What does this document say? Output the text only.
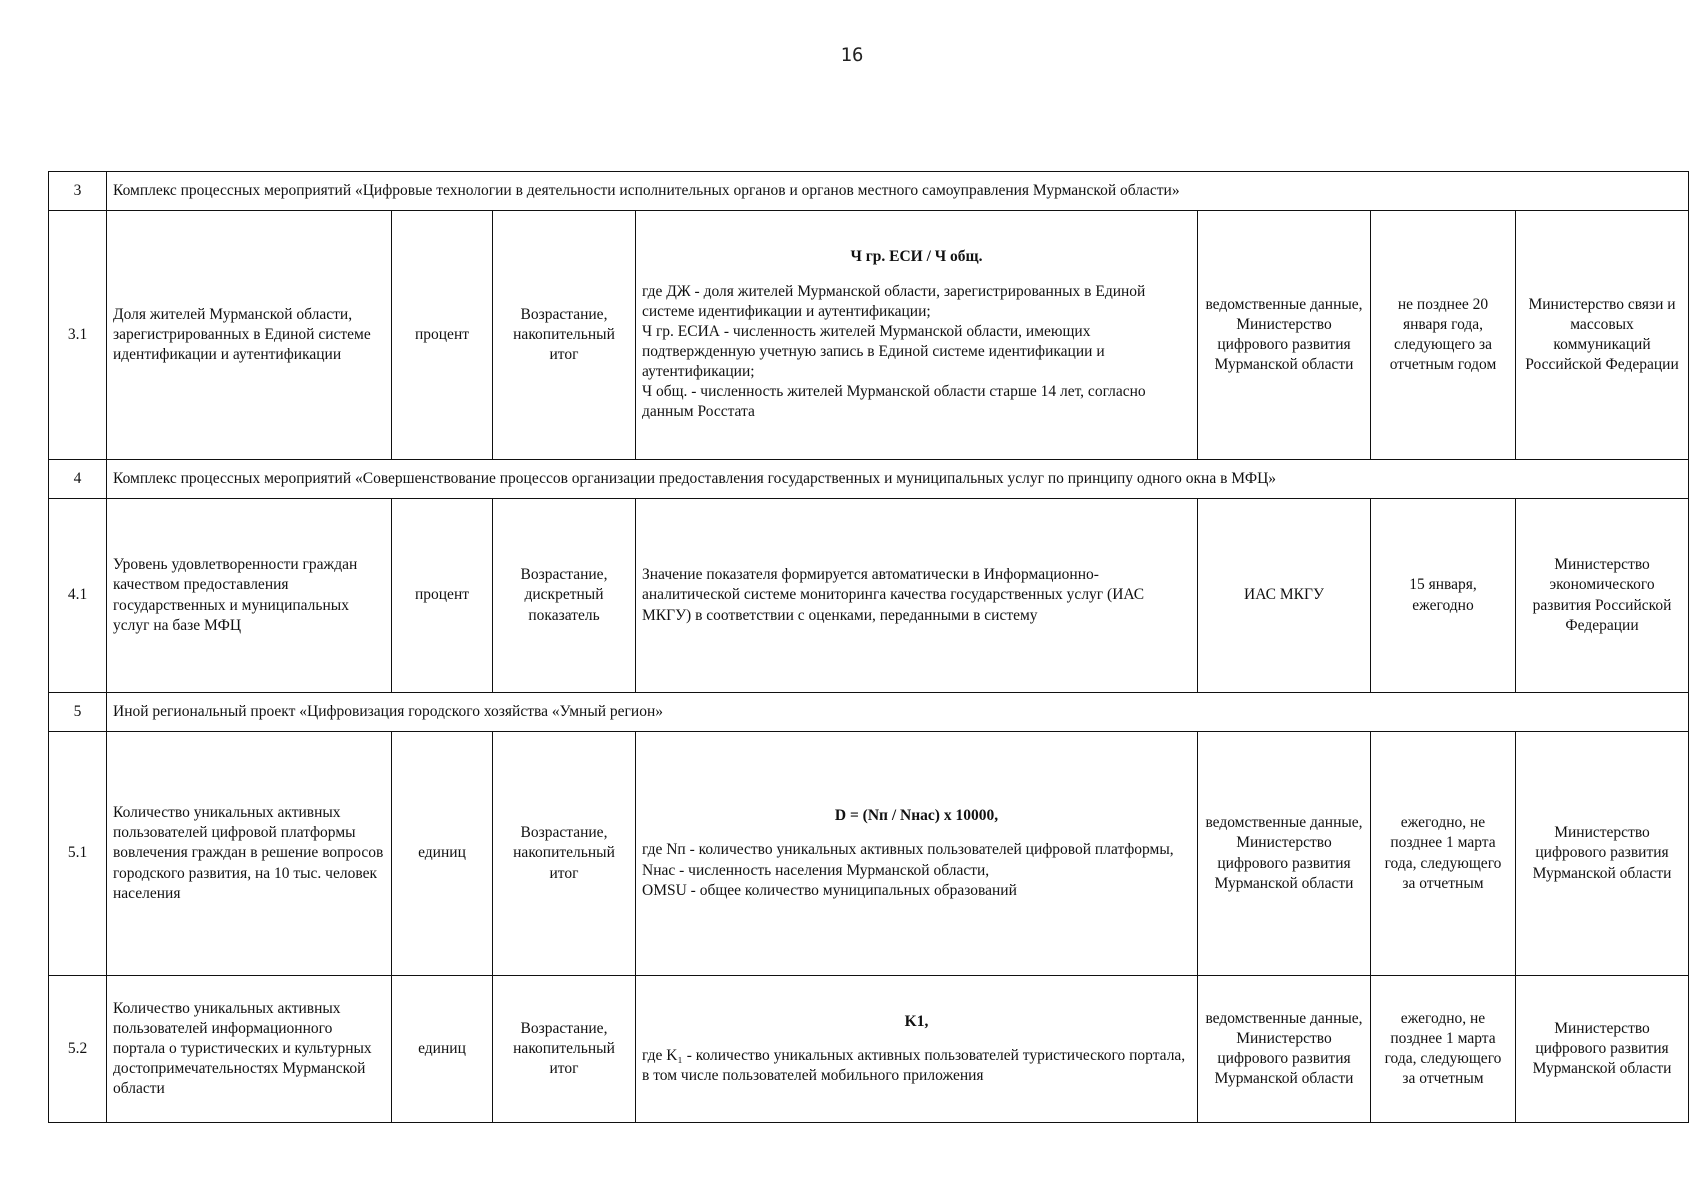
16
3	Комплекс процессных мероприятий «Цифровые технологии в деятельности исполнительных органов и органов местного самоуправления Мурманской области»						
3.1	Доля жителей Мурманской области, зарегистрированных в Единой системе идентификации и аутентификации	процент	Возрастание, накопительный итог	Ч гр. ЕСИ / Ч общ.
где ДЖ - доля жителей Мурманской области, зарегистрированных в Единой системе идентификации и аутентификации;
Ч гр. ЕСИА - численность жителей Мурманской области, имеющих подтвержденную учетную запись в Единой системе идентификации и аутентификации;
Ч общ. - численность жителей Мурманской области старше 14 лет, согласно данным Росстата	ведомственные данные, Министерство цифрового развития Мурманской области	не позднее 20 января года, следующего за отчетным годом	Министерство связи и массовых коммуникаций Российской Федерации
4	Комплекс процессных мероприятий «Совершенствование процессов организации предоставления государственных и муниципальных услуг по принципу одного окна в МФЦ»						
4.1	Уровень удовлетворенности граждан качеством предоставления государственных и муниципальных услуг на базе МФЦ	процент	Возрастание, дискретный показатель	Значение показателя формируется автоматически в Информационно-аналитической системе мониторинга качества государственных услуг (ИАС МКГУ) в соответствии с оценками, переданными в систему	ИАС МКГУ	15 января, ежегодно	Министерство экономического развития Российской Федерации
5	Иной региональный проект «Цифровизация городского хозяйства «Умный регион»						
5.1	Количество уникальных активных пользователей цифровой платформы вовлечения граждан в решение вопросов городского развития, на 10 тыс. человек населения	единиц	Возрастание, накопительный итог	D = (Nп / Nнас) x 10000,
где Nп - количество уникальных активных пользователей цифровой платформы,
Nнас - численность населения Мурманской области,
OMSU - общее количество муниципальных образований	ведомственные данные, Министерство цифрового развития Мурманской области	ежегодно, не позднее 1 марта года, следующего за отчетным	Министерство цифрового развития Мурманской области
5.2	Количество уникальных активных пользователей информационного портала о туристических и культурных достопримечательностях Мурманской области	единиц	Возрастание, накопительный итог	K1,
где K₁ - количество уникальных активных пользователей туристического портала, в том числе пользователей мобильного приложения	ведомственные данные, Министерство цифрового развития Мурманской области	ежегодно, не позднее 1 марта года, следующего за отчетным	Министерство цифрового развития Мурманской области
